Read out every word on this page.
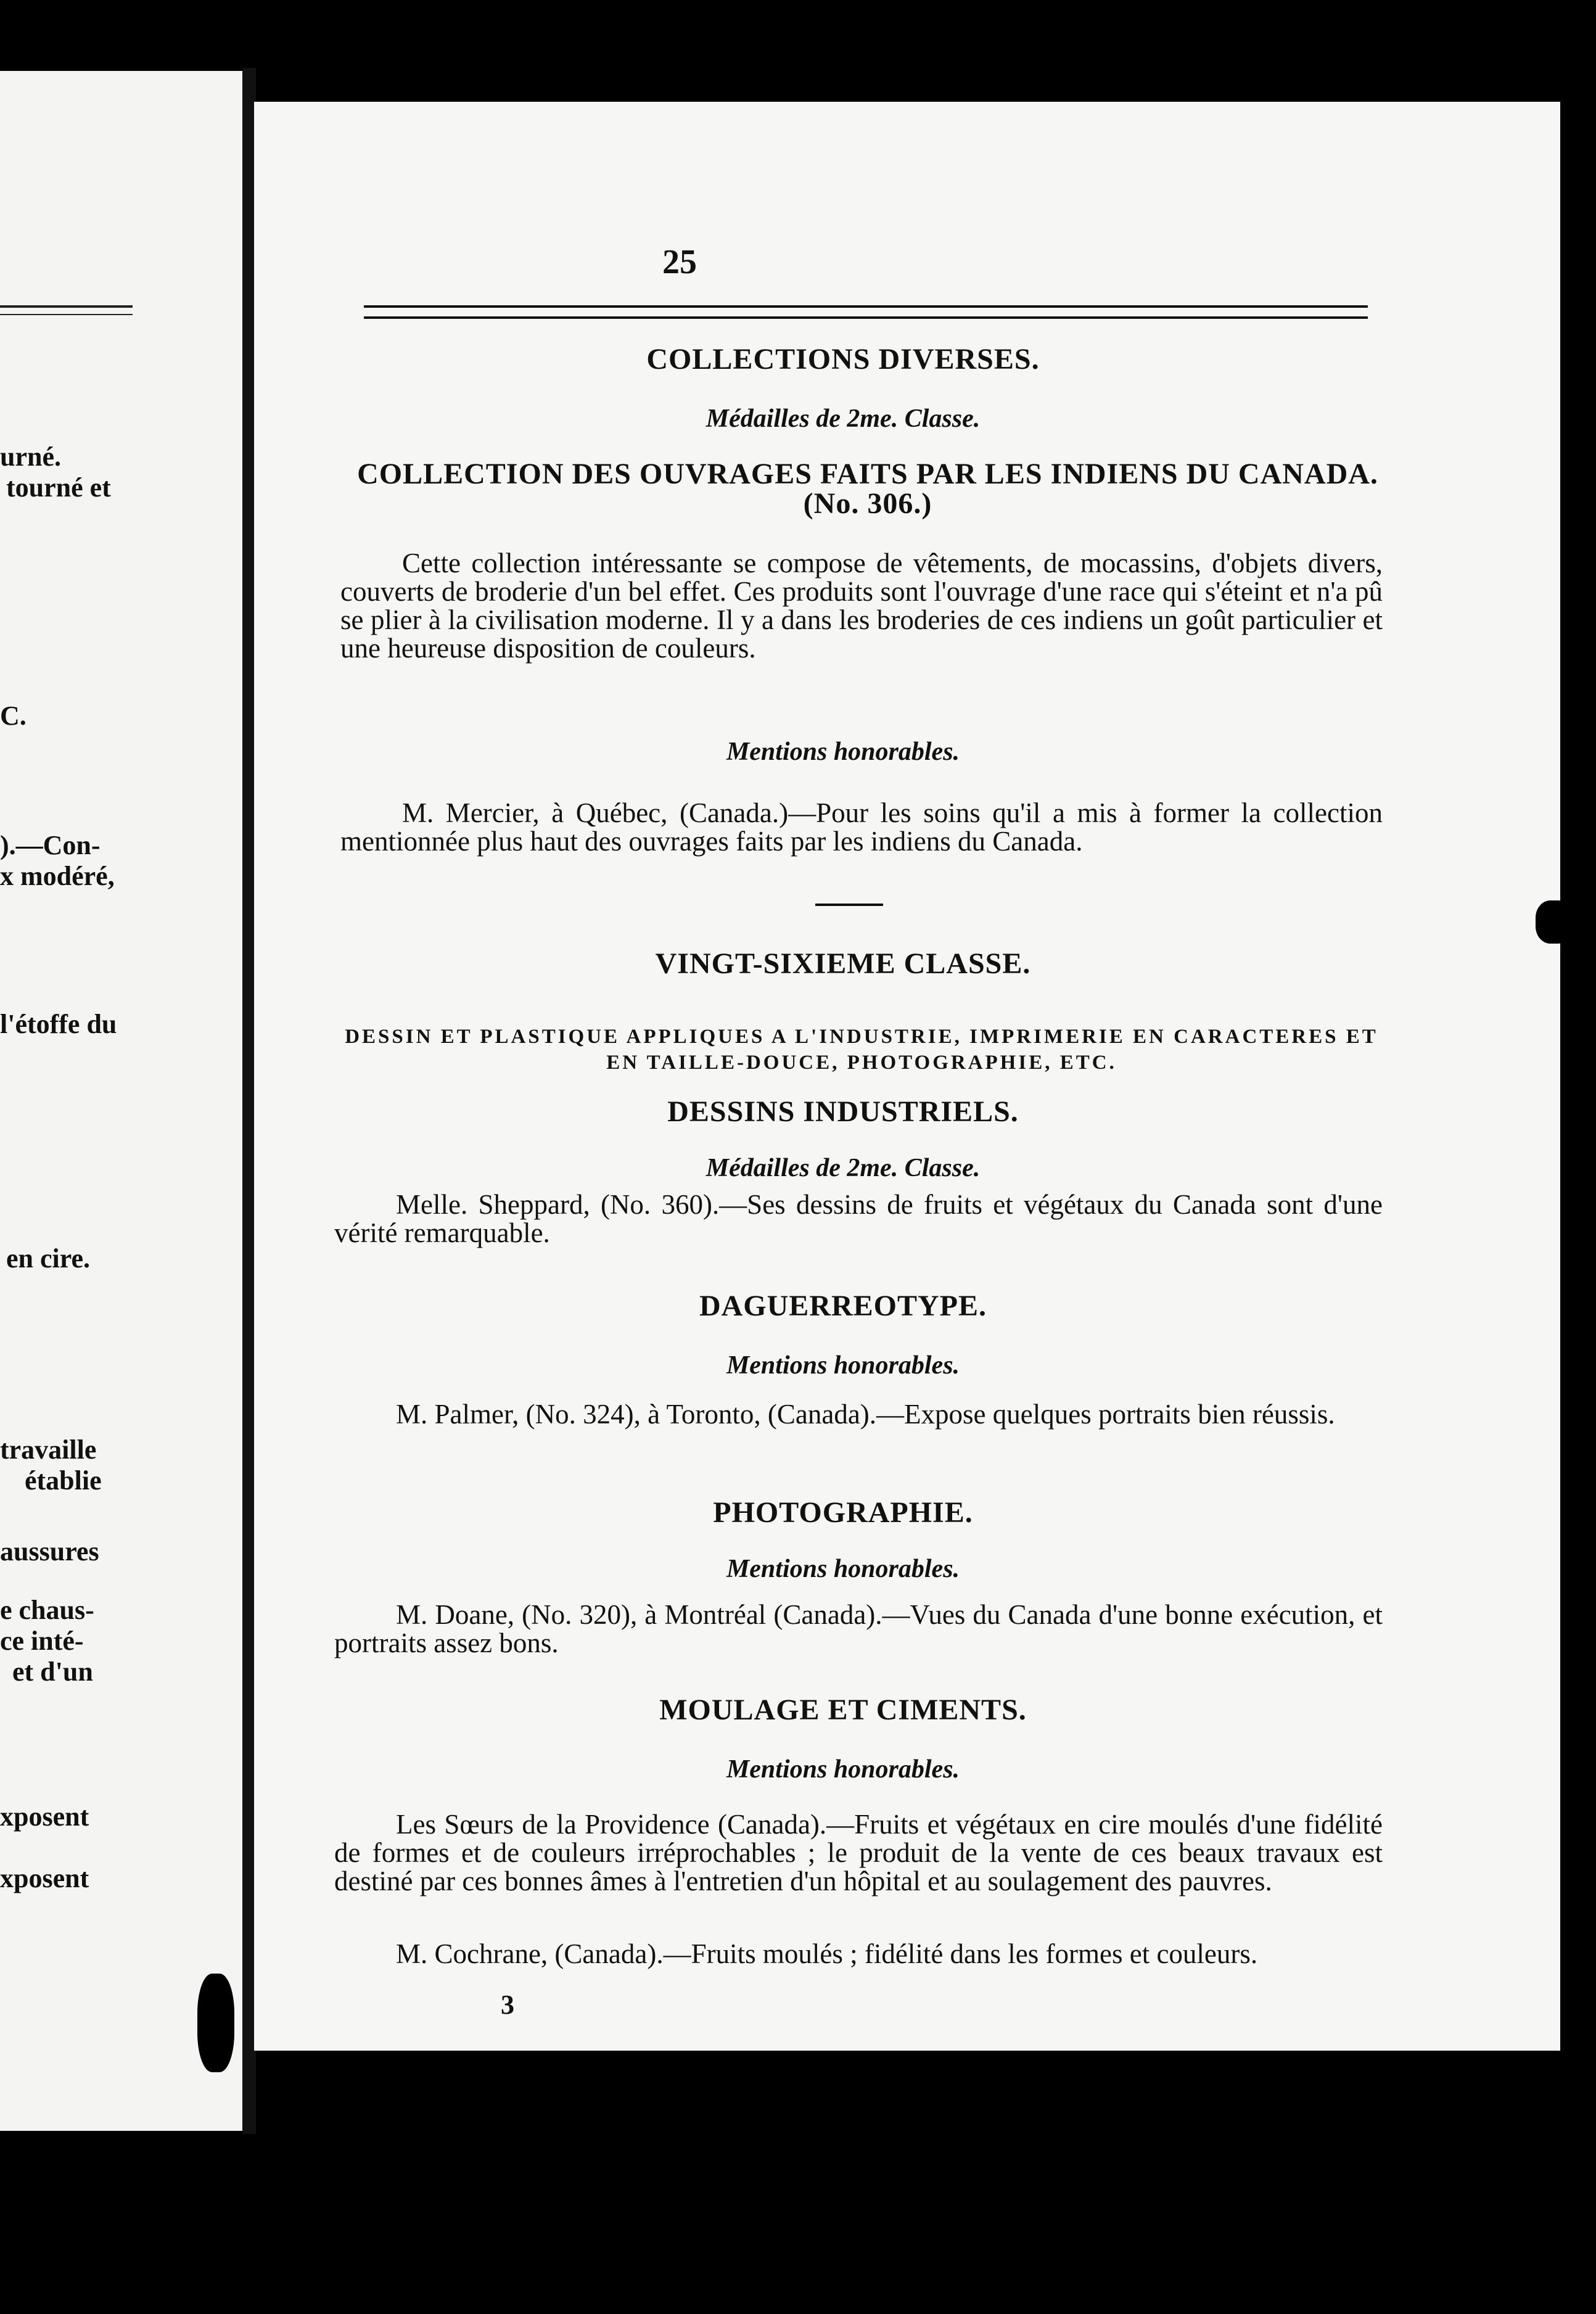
urné.
tourné et
C.
).—Con-
x modéré,
l'étoffe du
en cire.
travaille
établie
aussures
e chaus-
ce inté-
et d'un
xposent
xposent
25
COLLECTIONS DIVERSES.
Médailles de 2me. Classe.
COLLECTION DES OUVRAGES FAITS PAR LES INDIENS DU CANADA. (No. 306.)
Cette collection intéressante se compose de vêtements, de mocassins, d'objets divers, couverts de broderie d'un bel effet. Ces produits sont l'ouvrage d'une race qui s'éteint et n'a pû se plier à la civilisation moderne. Il y a dans les broderies de ces indiens un goût particulier et une heureuse disposition de couleurs.
Mentions honorables.
M. Mercier, à Québec, (Canada.)—Pour les soins qu'il a mis à former la collection mentionnée plus haut des ouvrages faits par les indiens du Canada.
VINGT-SIXIEME CLASSE.
DESSIN ET PLASTIQUE APPLIQUES A L'INDUSTRIE, IMPRIMERIE EN CARACTERES ET EN TAILLE-DOUCE, PHOTOGRAPHIE, ETC.
DESSINS INDUSTRIELS.
Médailles de 2me. Classe.
Melle. Sheppard, (No. 360).—Ses dessins de fruits et végétaux du Canada sont d'une vérité remarquable.
DAGUERREOTYPE.
Mentions honorables.
M. Palmer, (No. 324), à Toronto, (Canada).—Expose quelques portraits bien réussis.
PHOTOGRAPHIE.
Mentions honorables.
M. Doane, (No. 320), à Montréal (Canada).—Vues du Canada d'une bonne exécution, et portraits assez bons.
MOULAGE ET CIMENTS.
Mentions honorables.
Les Sœurs de la Providence (Canada).—Fruits et végétaux en cire moulés d'une fidélité de formes et de couleurs irréprochables ; le produit de la vente de ces beaux travaux est destiné par ces bonnes âmes à l'entretien d'un hôpital et au soulagement des pauvres.
M. Cochrane, (Canada).—Fruits moulés ; fidélité dans les formes et couleurs.
3
